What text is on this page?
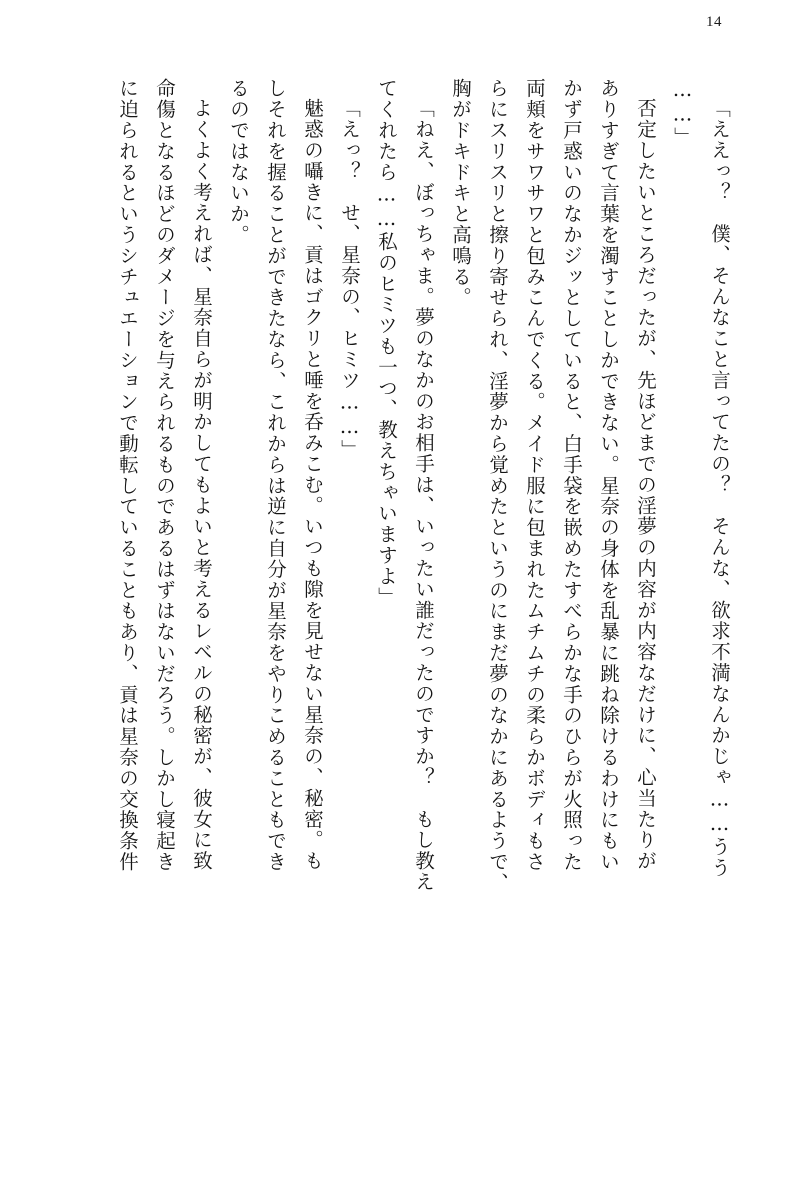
14
「ええっ？　僕、そんなこと言ってたの？　そんな、欲求不満なんかじゃ……うう
……」
否定したいところだったが、先ほどまでの淫夢の内容が内容なだけに、心当たりが
ありすぎて言葉を濁すことしかできない。星奈の身体を乱暴に跳ね除けるわけにもい
かず戸惑いのなかジッとしていると、白手袋を嵌めたすべらかな手のひらが火照った
両頬をサワサワと包みこんでくる。メイド服に包まれたムチムチの柔らかボディもさ
らにスリスリと擦り寄せられ、淫夢から覚めたというのにまだ夢のなかにあるようで、
胸がドキドキと高鳴る。
「ねえ、ぼっちゃま。夢のなかのお相手は、いったい誰だったのですか？　もし教え
てくれたら……私のヒミツも一つ、教えちゃいますよ」
「えっ？　せ、星奈の、ヒミツ……」
魅惑の囁きに、貢はゴクリと唾を呑みこむ。いつも隙を見せない星奈の、秘密。も
しそれを握ることができたなら、これからは逆に自分が星奈をやりこめることもでき
るのではないか。
よくよく考えれば、星奈自らが明かしてもよいと考えるレベルの秘密が、彼女に致
命傷となるほどのダメージを与えられるものであるはずはないだろう。しかし寝起き
に迫られるというシチュエーションで動転していることもあり、貢は星奈の交換条件
